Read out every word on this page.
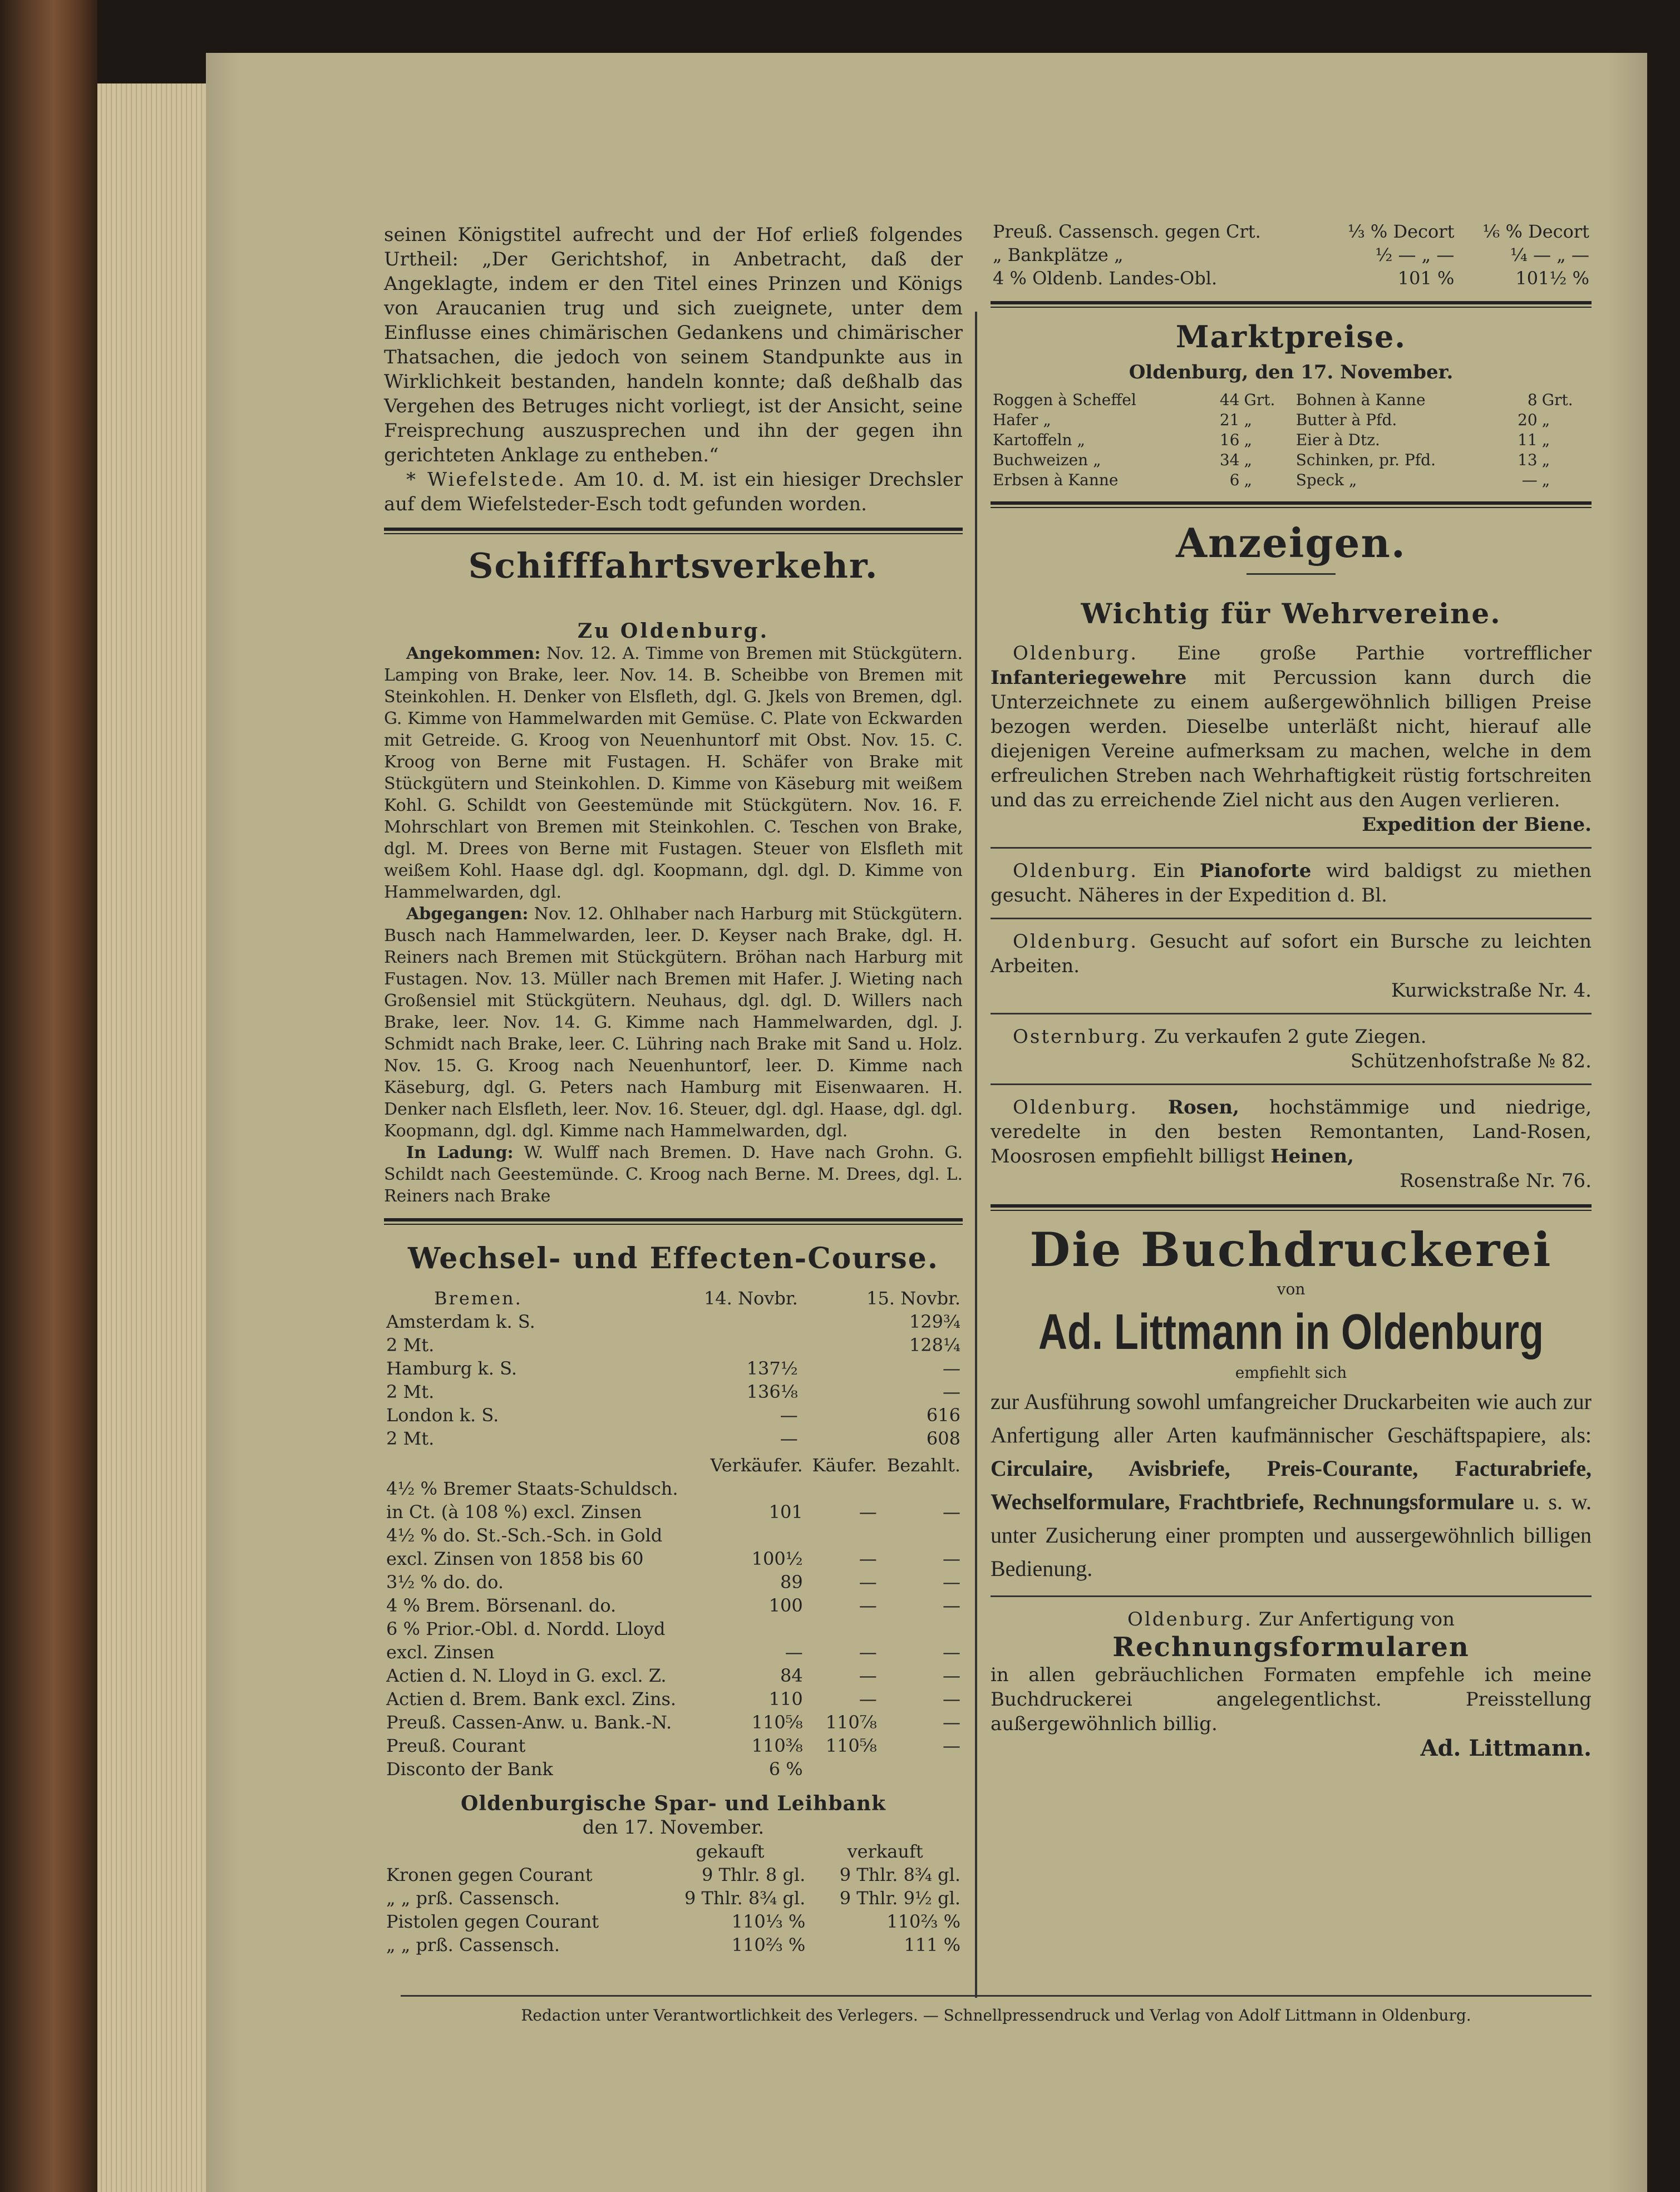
seinen Königstitel aufrecht und der Hof erließ folgendes Urtheil: „Der Gerichtshof, in Anbetracht, daß der Angeklagte, indem er den Titel eines Prinzen und Königs von Araucanien trug und sich zueignete, unter dem Einflusse eines chimärischen Gedankens und chimärischer Thatsachen, die jedoch von seinem Standpunkte aus in Wirklichkeit bestanden, handeln konnte; daß deßhalb das Vergehen des Betruges nicht vorliegt, ist der Ansicht, seine Freisprechung auszusprechen und ihn der gegen ihn gerichteten Anklage zu entheben.“

* Wiefelstede. Am 10. d. M. ist ein hiesiger Drechsler auf dem Wiefelsteder-Esch todt gefunden worden.

Schifffahrtsverkehr.

Zu Oldenburg.

Angekommen: Nov. 12. A. Timme von Bremen mit Stückgütern. Lamping von Brake, leer. Nov. 14. B. Scheibbe von Bremen mit Steinkohlen. H. Denker von Elsfleth, dgl. G. Jkels von Bremen, dgl. G. Kimme von Hammelwarden mit Gemüse. C. Plate von Eckwarden mit Getreide. G. Kroog von Neuenhuntorf mit Obst. Nov. 15. C. Kroog von Berne mit Fustagen. H. Schäfer von Brake mit Stückgütern und Steinkohlen. D. Kimme von Käseburg mit weißem Kohl. G. Schildt von Geestemünde mit Stückgütern. Nov. 16. F. Mohrschlart von Bremen mit Steinkohlen. C. Teschen von Brake, dgl. M. Drees von Berne mit Fustagen. Steuer von Elsfleth mit weißem Kohl. Haase dgl. dgl. Koopmann, dgl. dgl. D. Kimme von Hammelwarden, dgl.

Abgegangen: Nov. 12. Ohlhaber nach Harburg mit Stückgütern. Busch nach Hammelwarden, leer. D. Keyser nach Brake, dgl. H. Reiners nach Bremen mit Stückgütern. Bröhan nach Harburg mit Fustagen. Nov. 13. Müller nach Bremen mit Hafer. J. Wieting nach Großensiel mit Stückgütern. Neuhaus, dgl. dgl. D. Willers nach Brake, leer. Nov. 14. G. Kimme nach Hammelwarden, dgl. J. Schmidt nach Brake, leer. C. Lühring nach Brake mit Sand u. Holz. Nov. 15. G. Kroog nach Neuenhuntorf, leer. D. Kimme nach Käseburg, dgl. G. Peters nach Hamburg mit Eisenwaaren. H. Denker nach Elsfleth, leer. Nov. 16. Steuer, dgl. dgl. Haase, dgl. dgl. Koopmann, dgl. dgl. Kimme nach Hammelwarden, dgl.

In Ladung: W. Wulff nach Bremen. D. Have nach Grohn. G. Schildt nach Geestemünde. C. Kroog nach Berne. M. Drees, dgl. L. Reiners nach Brake

Wechsel- und Effecten-Course.

Bremen.	14. Novbr.	15. Novbr.
Amsterdam k. S.		129¾
2 Mt.		128¼
Hamburg k. S.	137½	—
2 Mt.	136⅛	—
London k. S.	—	616
2 Mt.	—	608
	Verkäufer.	Käufer.	Bezahlt.
4½ % Bremer Staats-Schuldsch.			
in Ct. (à 108 %) excl. Zinsen	101	—	—
4½ % do. St.-Sch.-Sch. in Gold			
excl. Zinsen von 1858 bis 60	100½	—	—
3½ % do. do.	89	—	—
4 % Brem. Börsenanl. do.	100	—	—
6 % Prior.-Obl. d. Nordd. Lloyd			
excl. Zinsen	—	—	—
Actien d. N. Lloyd in G. excl. Z.	84	—	—
Actien d. Brem. Bank excl. Zins.	110	—	—
Preuß. Cassen-Anw. u. Bank.-N.	110⅝	110⅞	—
Preuß. Courant	110⅜	110⅝	—
Disconto der Bank	6 %		

Oldenburgische Spar- und Leihbank

den 17. November.

	gekauft	verkauft
Kronen gegen Courant	9 Thlr. 8 gl.	9 Thlr. 8¾ gl.
„ „ prß. Cassensch.	9 Thlr. 8¾ gl.	9 Thlr. 9½ gl.
Pistolen gegen Courant	110⅓ %	110⅔ %
„ „ prß. Cassensch.	110⅔ %	111 %
Preuß. Cassensch. gegen Crt.	⅓ % Decort	⅙ % Decort
„ Bankplätze „	½ — „ —	¼ — „ —
4 % Oldenb. Landes-Obl.	101 %	101½ %

Marktpreise.

Oldenburg, den 17. November.

Roggen à Scheffel	44	Grt.	Bohnen à Kanne	8	Grt.
Hafer „	21	„	Butter à Pfd.	20	„
Kartoffeln „	16	„	Eier à Dtz.	11	„
Buchweizen „	34	„	Schinken, pr. Pfd.	13	„
Erbsen à Kanne	6	„	Speck „	—	„

Anzeigen.

Wichtig für Wehrvereine.

Oldenburg. Eine große Parthie vortrefflicher Infanteriegewehre mit Percussion kann durch die Unterzeichnete zu einem außergewöhnlich billigen Preise bezogen werden. Dieselbe unterläßt nicht, hierauf alle diejenigen Vereine aufmerksam zu machen, welche in dem erfreulichen Streben nach Wehrhaftigkeit rüstig fortschreiten und das zu erreichende Ziel nicht aus den Augen verlieren.

Expedition der Biene.

Oldenburg. Ein Pianoforte wird baldigst zu miethen gesucht. Näheres in der Expedition d. Bl.

Oldenburg. Gesucht auf sofort ein Bursche zu leichten Arbeiten.

Kurwickstraße Nr. 4.

Osternburg. Zu verkaufen 2 gute Ziegen.

Schützenhofstraße № 82.

Oldenburg. Rosen, hochstämmige und niedrige, veredelte in den besten Remontanten, Land-Rosen, Moosrosen empfiehlt billigst Heinen,

Rosenstraße Nr. 76.

Die Buchdruckerei

von

Ad. Littmann in Oldenburg

empfiehlt sich

zur Ausführung sowohl umfangreicher Druckarbeiten wie auch zur Anfertigung aller Arten kaufmännischer Geschäftspapiere, als: Circulaire, Avisbriefe, Preis-Courante, Facturabriefe, Wechselformulare, Frachtbriefe, Rechnungsformulare u. s. w. unter Zusicherung einer prompten und aussergewöhnlich billigen Bedienung.

Oldenburg. Zur Anfertigung von

Rechnungsformularen

in allen gebräuchlichen Formaten empfehle ich meine Buchdruckerei angelegentlichst. Preisstellung außergewöhnlich billig.

Ad. Littmann.

Redaction unter Verantwortlichkeit des Verlegers. — Schnellpressendruck und Verlag von Adolf Littmann in Oldenburg.
